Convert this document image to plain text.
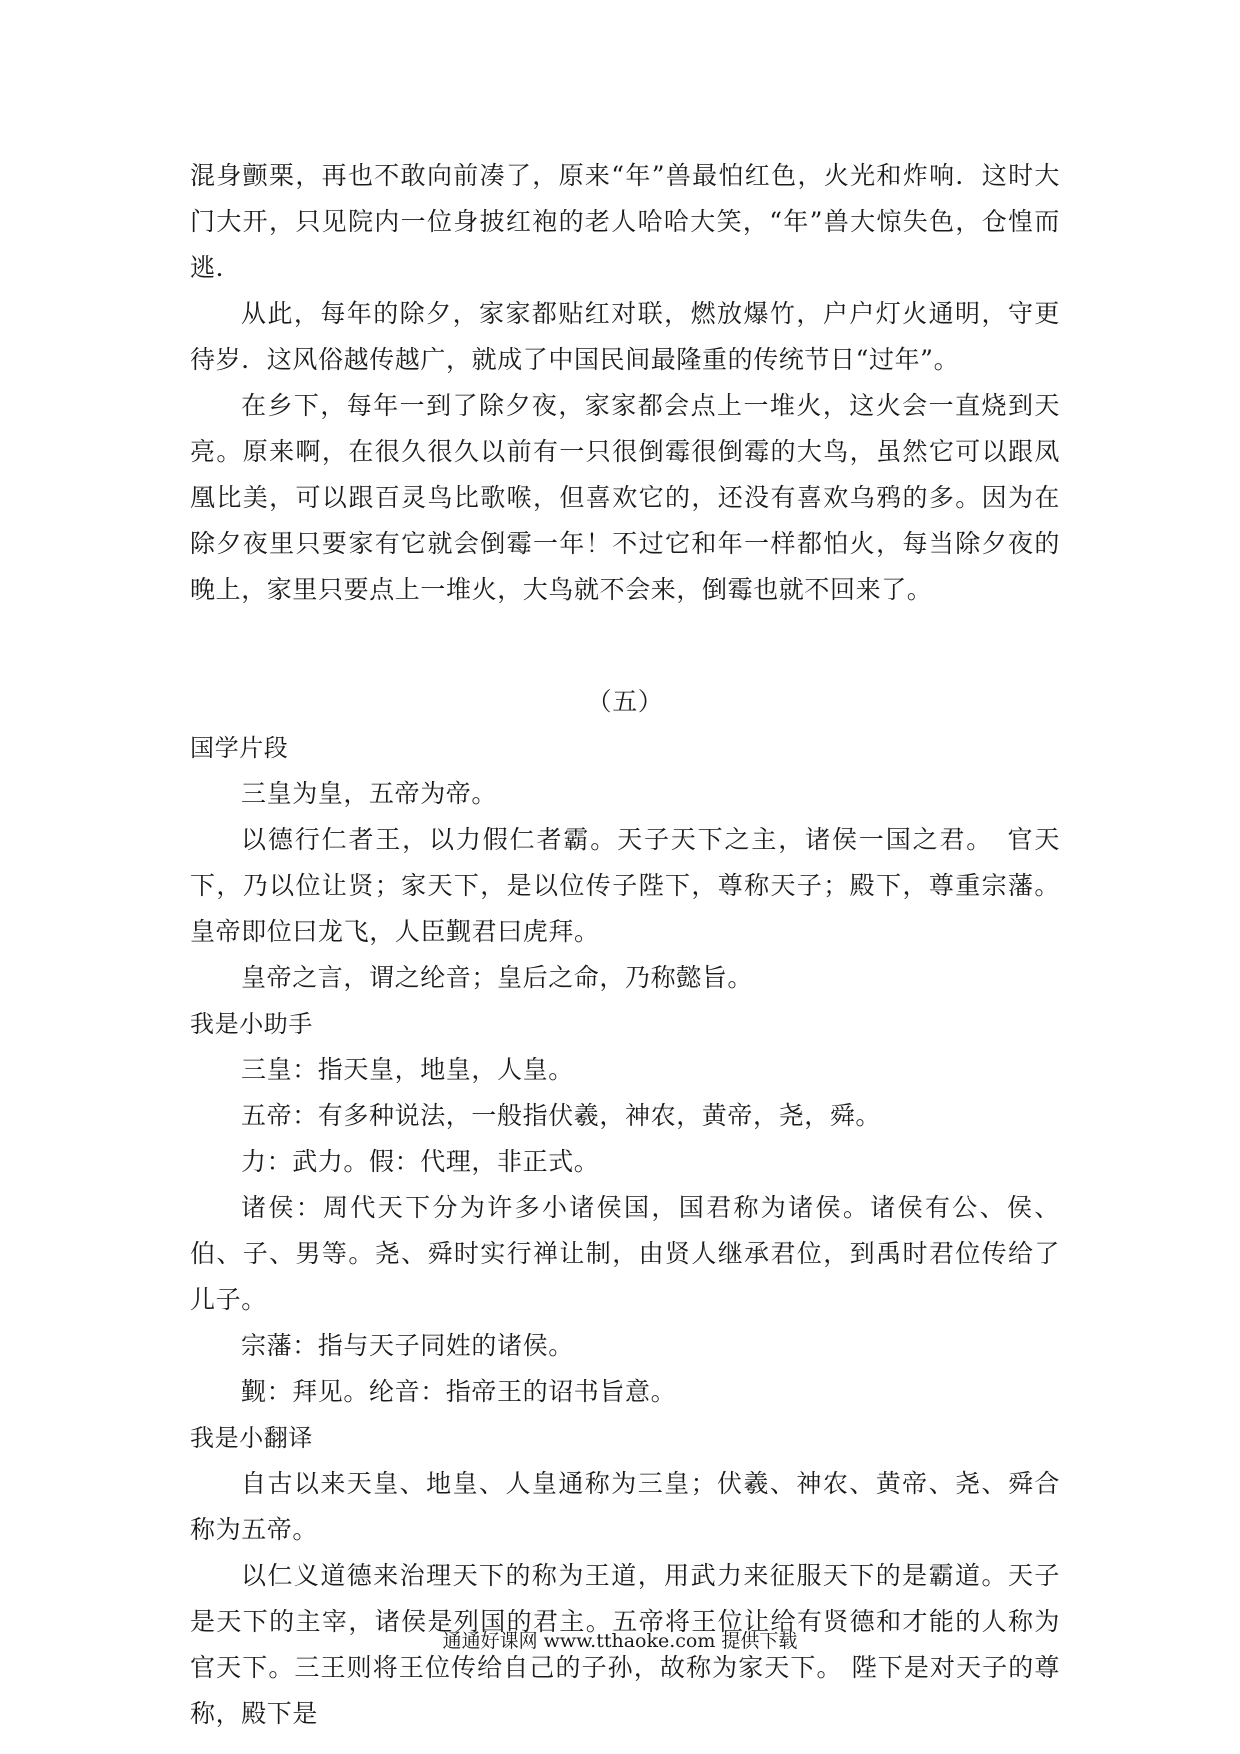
混身颤栗，再也不敢向前凑了，原来“年”兽最怕红色，火光和炸响．这时大门大开，只见院内一位身披红袍的老人哈哈大笑，“年”兽大惊失色，仓惶而逃．

从此，每年的除夕，家家都贴红对联，燃放爆竹，户户灯火通明，守更待岁．这风俗越传越广，就成了中国民间最隆重的传统节日“过年”。

在乡下，每年一到了除夕夜，家家都会点上一堆火，这火会一直烧到天亮。原来啊，在很久很久以前有一只很倒霉很倒霉的大鸟，虽然它可以跟凤凰比美，可以跟百灵鸟比歌喉，但喜欢它的，还没有喜欢乌鸦的多。因为在除夕夜里只要家有它就会倒霉一年！不过它和年一样都怕火，每当除夕夜的晚上，家里只要点上一堆火，大鸟就不会来，倒霉也就不回来了。

（五）

国学片段

三皇为皇，五帝为帝。

以德行仁者王，以力假仁者霸。天子天下之主，诸侯一国之君。　官天下，乃以位让贤；家天下，是以位传子陛下，尊称天子；殿下，尊重宗藩。 皇帝即位曰龙飞，人臣觐君曰虎拜。

皇帝之言，谓之纶音；皇后之命，乃称懿旨。

我是小助手

三皇：指天皇，地皇，人皇。

五帝：有多种说法，一般指伏羲，神农，黄帝，尧，舜。

力：武力。假：代理，非正式。

诸侯：周代天下分为许多小诸侯国，国君称为诸侯。诸侯有公、侯、伯、子、男等。尧、舜时实行禅让制，由贤人继承君位，到禹时君位传给了儿子。

宗藩：指与天子同姓的诸侯。

觐：拜见。纶音：指帝王的诏书旨意。

我是小翻译

自古以来天皇、地皇、人皇通称为三皇；伏羲、神农、黄帝、尧、舜合称为五帝。

以仁义道德来治理天下的称为王道，用武力来征服天下的是霸道。天子是天下的主宰，诸侯是列国的君主。五帝将王位让给有贤德和才能的人称为官天下。三王则将王位传给自己的子孙，故称为家天下。 陛下是对天子的尊称，殿下是

通通好课网 www.tthaoke.com 提供下载
